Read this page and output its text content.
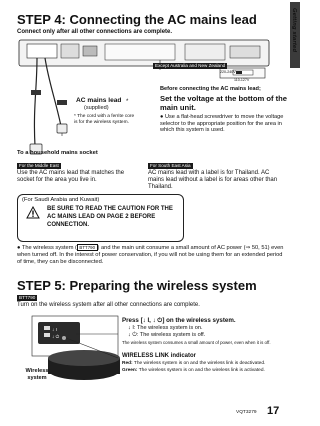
Getting started
STEP 4: Connecting the AC mains lead
Connect only after all other connections are complete.
AC mains lead
(supplied)
*
* The cord with a ferrite core is for the wireless system.
To a household mains socket
Except Australia and New Zealand
220-240V
110-127V
Before connecting the AC mains lead;
Set the voltage at the bottom of the main unit.
● Use a flat-head screwdriver to move the voltage selector to the appropriate position for the area in which this system is used.
For the Middle East
Use the AC mains lead that matches the socket for the area you live in.
For South East Asia
AC mains lead with a label is for Thailand. AC mains lead without a label is for areas other than Thailand.
(For Saudi Arabia and Kuwait)
BE SURE TO READ THE CAUTION FOR THE AC MAINS LEAD ON PAGE 2 BEFORE CONNECTION.
● The wireless system ( BTT790 ) and the main unit consume a small amount of AC power (⇒ 50, 51) even when turned off. In the interest of power conservation, if you will not be using them for an extended period of time, they can be disconnected.
STEP 5: Preparing the wireless system
BTT790
Turn on the wireless system after all other connections are complete.
↓ I
↓ ⏻
Wireless system
Press [↓ I, ↓ ⏻] on the wireless system.
↓ I: The wireless system is on.
↓ ⏻: The wireless system is off.
The wireless system consumes a small amount of power, even when it is off.
WIRELESS LINK indicator
Red: The wireless system is on and the wireless link is deactivated.
Green: The wireless system is on and the wireless link is activated.
VQT3279 17
